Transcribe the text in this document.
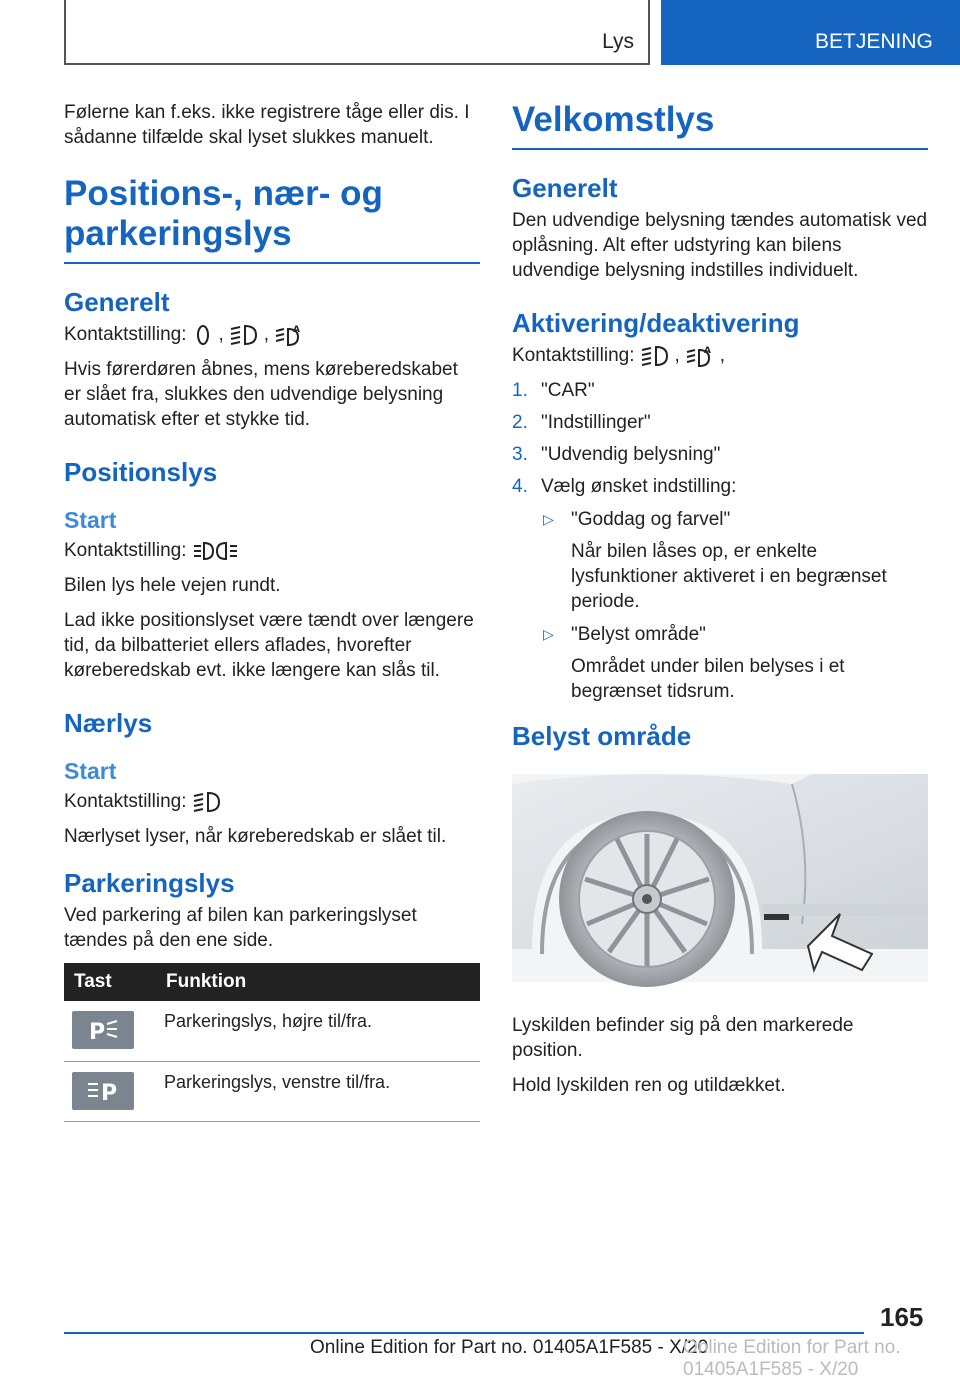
Lys	BETJENING

Følerne kan f.eks. ikke registrere tåge eller dis. I sådanne tilfælde skal lyset slukkes manuelt.

Positions-, nær- og parkeringslys
Generelt
Kontaktstilling: , ,	A

Hvis førerdøren åbnes, mens køreberedskabet er slået fra, slukkes den udvendige belysning automatisk efter et stykke tid.

Positionslys
Start
Kontaktstilling:

Bilen lys hele vejen rundt.

Lad ikke positionslyset være tændt over længere tid, da bilbatteriet ellers aflades, hvorefter køreberedskab evt. ikke længere kan slås til.

Nærlys
Start
Kontaktstilling:

Nærlyset lyser, når køreberedskab er slået til.

Parkeringslys

Ved parkering af bilen kan parkeringslyset tændes på den ene side.

Tast	Funktion

P	Parkeringslys, højre til/fra.

P	Parkeringslys, venstre til/fra.
Velkomstlys
Generelt

Den udvendige belysning tændes automatisk ved oplåsning. Alt efter udstyring kan bilens udvendige belysning indstilles individuelt.

Aktivering/deaktivering
Kontaktstilling: ,	A ,
1. "CAR"
2. "Indstillinger"
3. "Udvendig belysning"
4. Vælg ønsket indstilling:
▷ "Goddag og farvel"
Når bilen låses op, er enkelte lysfunktioner aktiveret i en begrænset periode.
▷ "Belyst område"
Området under bilen belyses i et begrænset tidsrum.
Belyst område

Lyskilden befinder sig på den markerede position.

Hold lyskilden ren og utildækket.

165
Online Edition for Part no. 01405A1F585 - X/20
Online Edition for Part no. 01405A1F585 - X/20
